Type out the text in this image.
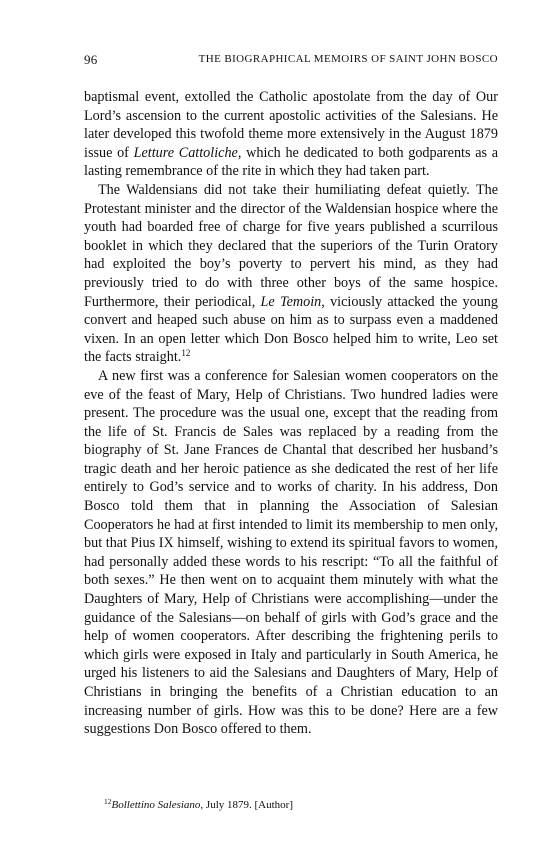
96	THE BIOGRAPHICAL MEMOIRS OF SAINT JOHN BOSCO

baptismal event, extolled the Catholic apostolate from the day of Our Lord’s ascension to the current apostolic activities of the Salesians. He later developed this twofold theme more extensively in the August 1879 issue of Letture Cattoliche, which he dedicated to both godparents as a lasting remembrance of the rite in which they had taken part.

The Waldensians did not take their humiliating defeat quietly. The Protestant minister and the director of the Waldensian hospice where the youth had boarded free of charge for five years published a scurrilous booklet in which they declared that the superiors of the Turin Oratory had exploited the boy’s poverty to pervert his mind, as they had previously tried to do with three other boys of the same hospice. Furthermore, their periodical, Le Temoin, viciously attacked the young convert and heaped such abuse on him as to surpass even a maddened vixen. In an open letter which Don Bosco helped him to write, Leo set the facts straight.$^{12}$

A new first was a conference for Salesian women cooperators on the eve of the feast of Mary, Help of Christians. Two hundred ladies were present. The procedure was the usual one, except that the reading from the life of St. Francis de Sales was replaced by a reading from the biography of St. Jane Frances de Chantal that described her husband’s tragic death and her heroic patience as she dedicated the rest of her life entirely to God’s service and to works of charity. In his address, Don Bosco told them that in planning the Association of Salesian Cooperators he had at first intended to limit its membership to men only, but that Pius IX himself, wishing to extend its spiritual favors to women, had personally added these words to his rescript: “To all the faithful of both sexes.” He then went on to acquaint them minutely with what the Daughters of Mary, Help of Christians were accomplishing—under the guidance of the Salesians—on behalf of girls with God’s grace and the help of women cooperators. After describing the frightening perils to which girls were exposed in Italy and particularly in South America, he urged his listeners to aid the Salesians and Daughters of Mary, Help of Christians in bringing the benefits of a Christian education to an increasing number of girls. How was this to be done? Here are a few suggestions Don Bosco offered to them.

$^{12}$Bollettino Salesiano, July 1879. [Author]
